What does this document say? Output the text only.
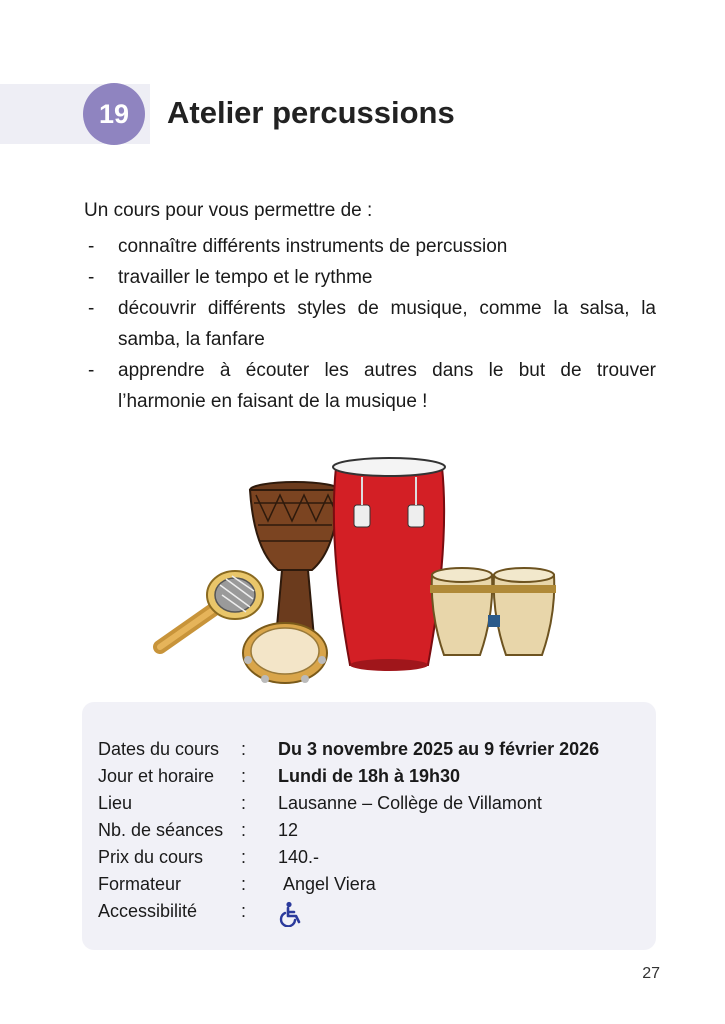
19	Atelier percussions
Un cours pour vous permettre de :
- connaître différents instruments de percussion
- travailler le tempo et le rythme
- découvrir différents styles de musique, comme la salsa, la samba, la fanfare
- apprendre à écouter les autres dans le but de trouver l’harmonie en faisant de la musique !
Dates du cours : Du 3 novembre 2025 au 9 février 2026
Jour et horaire : Lundi de 18h à 19h30
Lieu	: Lausanne – Collège de Villamont
Nb. de séances : 12
Prix du cours : 140.-
Formateur	: Angel Viera
Accessibilité :
27
